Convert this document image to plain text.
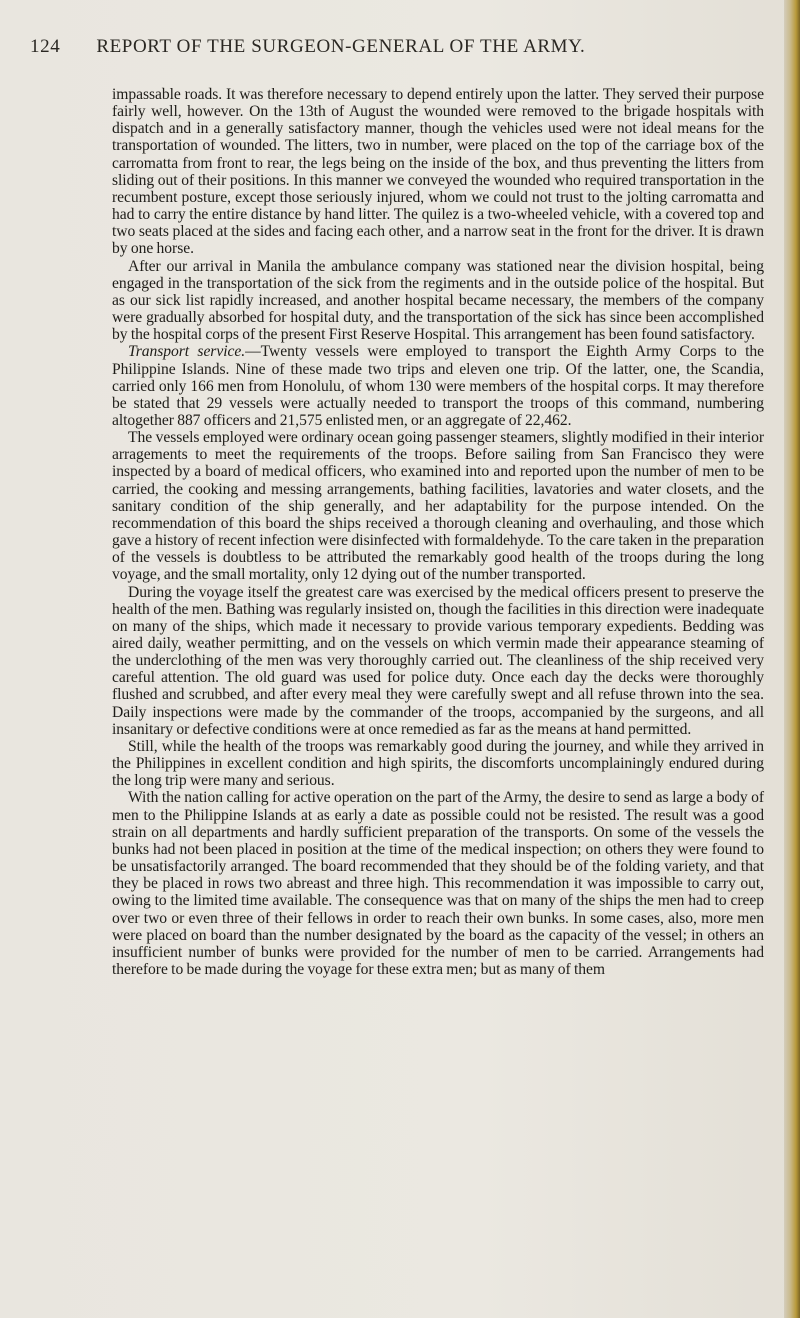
124 REPORT OF THE SURGEON-GENERAL OF THE ARMY.

impassable roads. It was therefore necessary to depend entirely upon the latter. They served their purpose fairly well, however. On the 13th of August the wounded were removed to the brigade hospitals with dispatch and in a generally satisfactory manner, though the vehicles used were not ideal means for the transportation of wounded. The litters, two in number, were placed on the top of the carriage box of the carromatta from front to rear, the legs being on the inside of the box, and thus preventing the litters from sliding out of their positions. In this manner we conveyed the wounded who required transportation in the recumbent posture, except those seriously injured, whom we could not trust to the jolting carromatta and had to carry the entire distance by hand litter. The quilez is a two-wheeled vehicle, with a covered top and two seats placed at the sides and facing each other, and a narrow seat in the front for the driver. It is drawn by one horse.

After our arrival in Manila the ambulance company was stationed near the division hospital, being engaged in the transportation of the sick from the regiments and in the outside police of the hospital. But as our sick list rapidly increased, and another hospital became necessary, the members of the company were gradually absorbed for hospital duty, and the transportation of the sick has since been accomplished by the hospital corps of the present First Reserve Hospital. This arrangement has been found satisfactory.

Transport service.—Twenty vessels were employed to transport the Eighth Army Corps to the Philippine Islands. Nine of these made two trips and eleven one trip. Of the latter, one, the Scandia, carried only 166 men from Honolulu, of whom 130 were members of the hospital corps. It may therefore be stated that 29 vessels were actually needed to transport the troops of this command, numbering altogether 887 officers and 21,575 enlisted men, or an aggregate of 22,462.

The vessels employed were ordinary ocean going passenger steamers, slightly modified in their interior arragements to meet the requirements of the troops. Before sailing from San Francisco they were inspected by a board of medical officers, who examined into and reported upon the number of men to be carried, the cooking and messing arrangements, bathing facilities, lavatories and water closets, and the sanitary condition of the ship generally, and her adaptability for the purpose intended. On the recommendation of this board the ships received a thorough cleaning and overhauling, and those which gave a history of recent infection were disinfected with formaldehyde. To the care taken in the preparation of the vessels is doubtless to be attributed the remarkably good health of the troops during the long voyage, and the small mortality, only 12 dying out of the number transported.

During the voyage itself the greatest care was exercised by the medical officers present to preserve the health of the men. Bathing was regularly insisted on, though the facilities in this direction were inadequate on many of the ships, which made it necessary to provide various temporary expedients. Bedding was aired daily, weather permitting, and on the vessels on which vermin made their appearance steaming of the underclothing of the men was very thoroughly carried out. The cleanliness of the ship received very careful attention. The old guard was used for police duty. Once each day the decks were thoroughly flushed and scrubbed, and after every meal they were carefully swept and all refuse thrown into the sea. Daily inspections were made by the commander of the troops, accompanied by the surgeons, and all insanitary or defective conditions were at once remedied as far as the means at hand permitted.

Still, while the health of the troops was remarkably good during the journey, and while they arrived in the Philippines in excellent condition and high spirits, the discomforts uncomplainingly endured during the long trip were many and serious.

With the nation calling for active operation on the part of the Army, the desire to send as large a body of men to the Philippine Islands at as early a date as possible could not be resisted. The result was a good strain on all departments and hardly sufficient preparation of the transports. On some of the vessels the bunks had not been placed in position at the time of the medical inspection; on others they were found to be unsatisfactorily arranged. The board recommended that they should be of the folding variety, and that they be placed in rows two abreast and three high. This recommendation it was impossible to carry out, owing to the limited time available. The consequence was that on many of the ships the men had to creep over two or even three of their fellows in order to reach their own bunks. In some cases, also, more men were placed on board than the number designated by the board as the capacity of the vessel; in others an insufficient number of bunks were provided for the number of men to be carried. Arrangements had therefore to be made during the voyage for these extra men; but as many of them
